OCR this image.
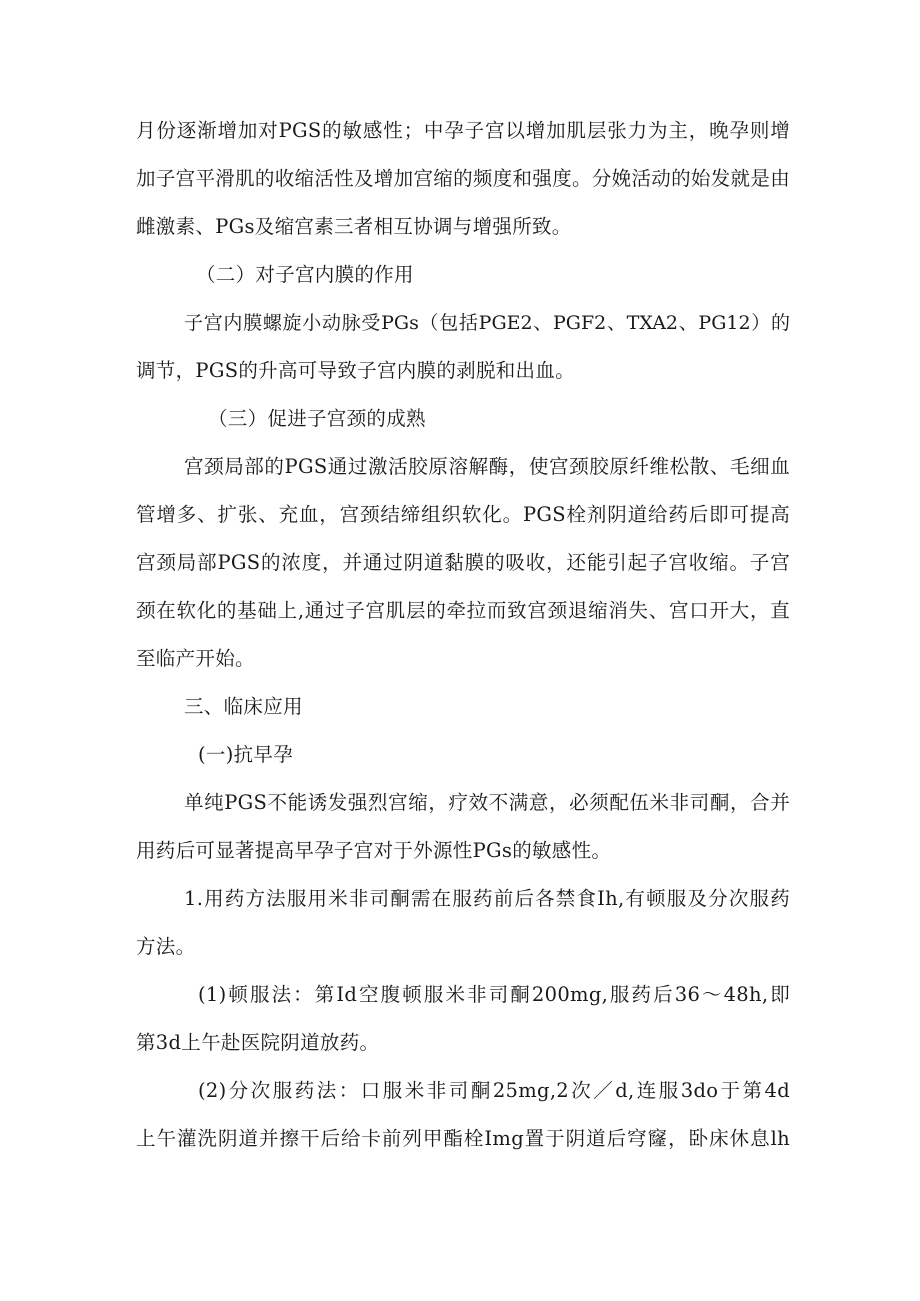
月份逐渐增加对PGS的敏感性；中孕子宫以增加肌层张力为主，晚孕则增
加子宫平滑肌的收缩活性及增加宫缩的频度和强度。分娩活动的始发就是由
雌激素、PGs及缩宫素三者相互协调与增强所致。
（二）对子宫内膜的作用
子宫内膜螺旋小动脉受PGs（包括PGE2、PGF2、TXA2、PG12）的
调节，PGS的升高可导致子宫内膜的剥脱和出血。
（三）促进子宫颈的成熟
宫颈局部的PGS通过激活胶原溶解酶，使宫颈胶原纤维松散、毛细血
管增多、扩张、充血，宫颈结缔组织软化。PGS栓剂阴道给药后即可提高
宫颈局部PGS的浓度，并通过阴道黏膜的吸收，还能引起子宫收缩。子宫
颈在软化的基础上,通过子宫肌层的牵拉而致宫颈退缩消失、宫口开大，直
至临产开始。
三、临床应用
(一)抗早孕
单纯PGS不能诱发强烈宫缩，疗效不满意，必须配伍米非司酮，合并
用药后可显著提高早孕子宫对于外源性PGs的敏感性。
1.用药方法服用米非司酮需在服药前后各禁食Ih,有顿服及分次服药
方法。
(1)顿服法：第Id空腹顿服米非司酮200mg,服药后36～48h,即
第3d上午赴医院阴道放药。
(2)分次服药法：口服米非司酮25mg,2次／d,连服3do于第4d
上午灌洗阴道并擦干后给卡前列甲酯栓Img置于阴道后穹窿，卧床休息lh
